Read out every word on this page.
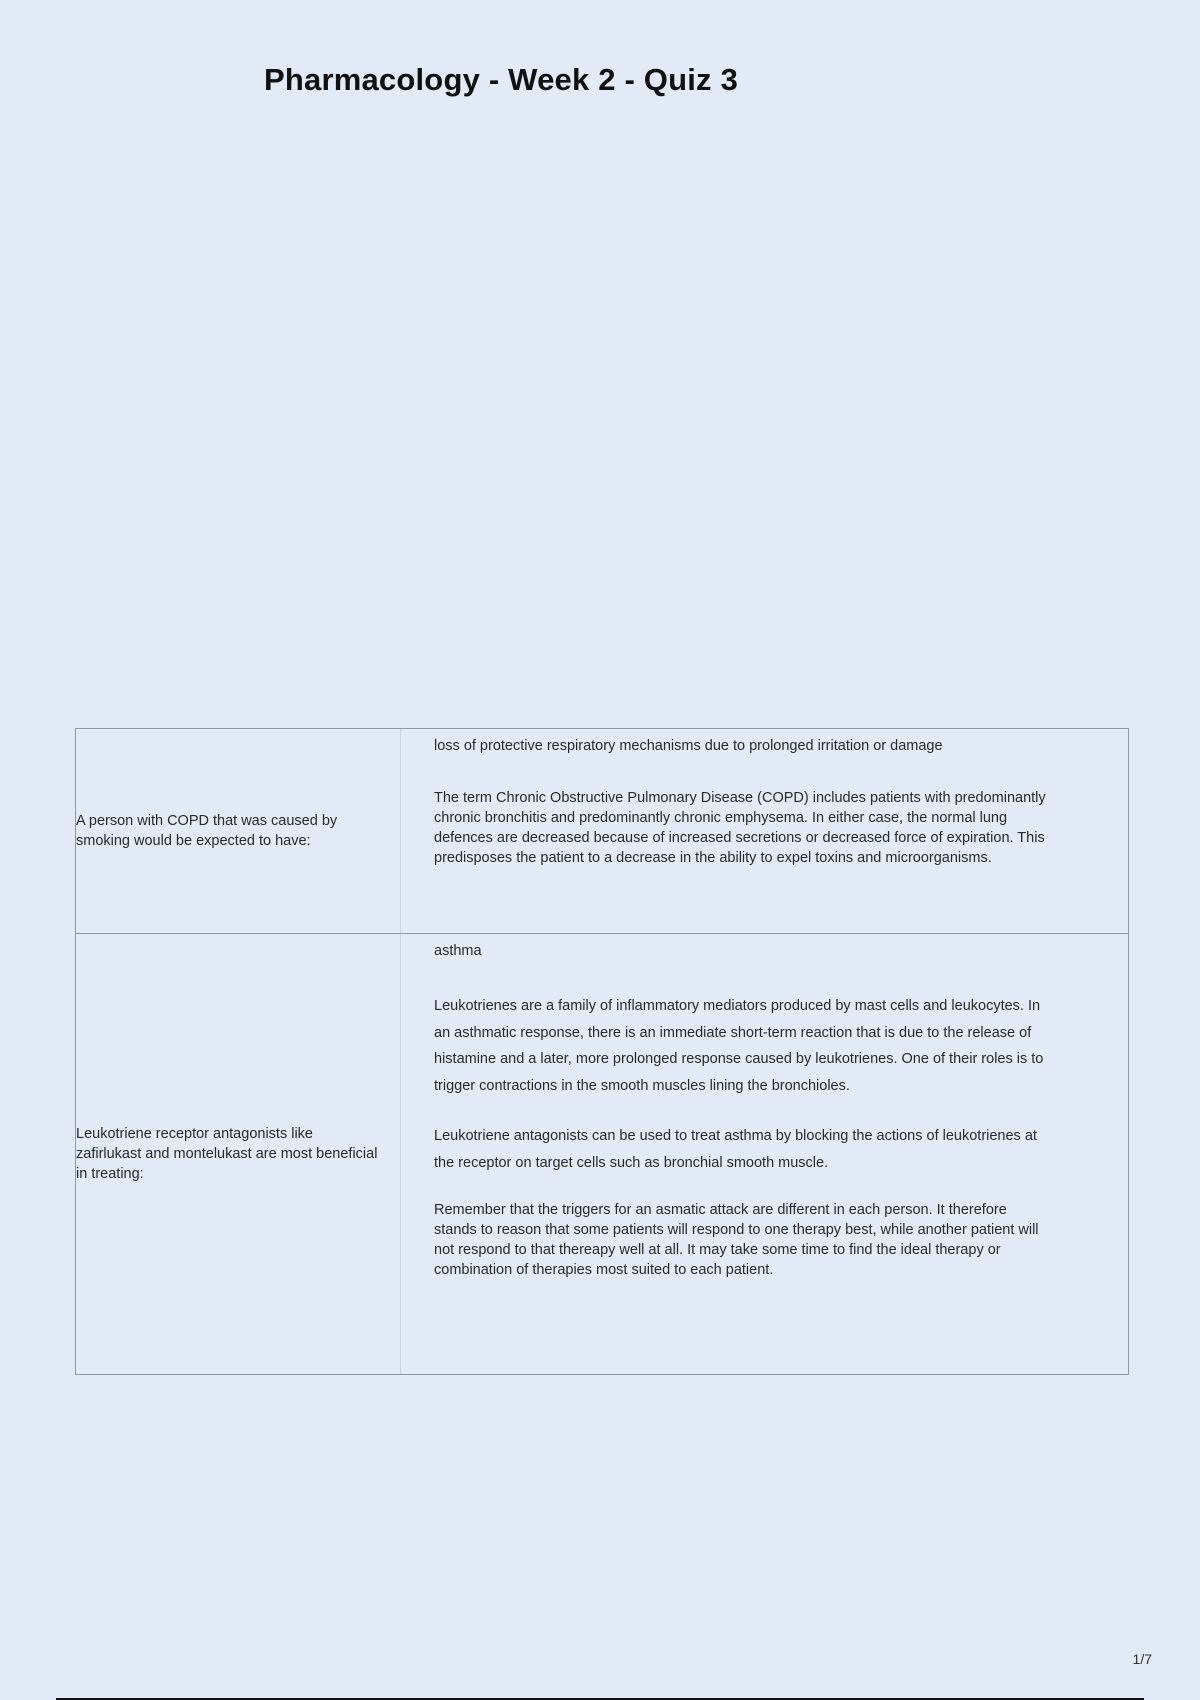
Pharmacology - Week 2 - Quiz 3

A person with COPD that was caused by smoking would be expected to have:

loss of protective respiratory mechanisms due to prolonged irritation or damage

The term Chronic Obstructive Pulmonary Disease (COPD) includes patients with predominantly chronic bronchitis and predominantly chronic emphysema. In either case, the normal lung defences are decreased because of increased secretions or decreased force of expiration. This predisposes the patient to a decrease in the ability to expel toxins and microorganisms.

Leukotriene receptor antagonists like zafirlukast and montelukast are most beneficial in treating:

asthma

Leukotrienes are a family of inflammatory mediators produced by mast cells and leukocytes. In an asthmatic response, there is an immediate short-term reaction that is due to the release of histamine and a later, more prolonged response caused by leukotrienes. One of their roles is to trigger contractions in the smooth muscles lining the bronchioles.

Leukotriene antagonists can be used to treat asthma by blocking the actions of leukotrienes at the receptor on target cells such as bronchial smooth muscle.

Remember that the triggers for an asmatic attack are different in each person. It therefore stands to reason that some patients will respond to one therapy best, while another patient will not respond to that thereapy well at all. It may take some time to find the ideal therapy or combination of therapies most suited to each patient.

1/7
